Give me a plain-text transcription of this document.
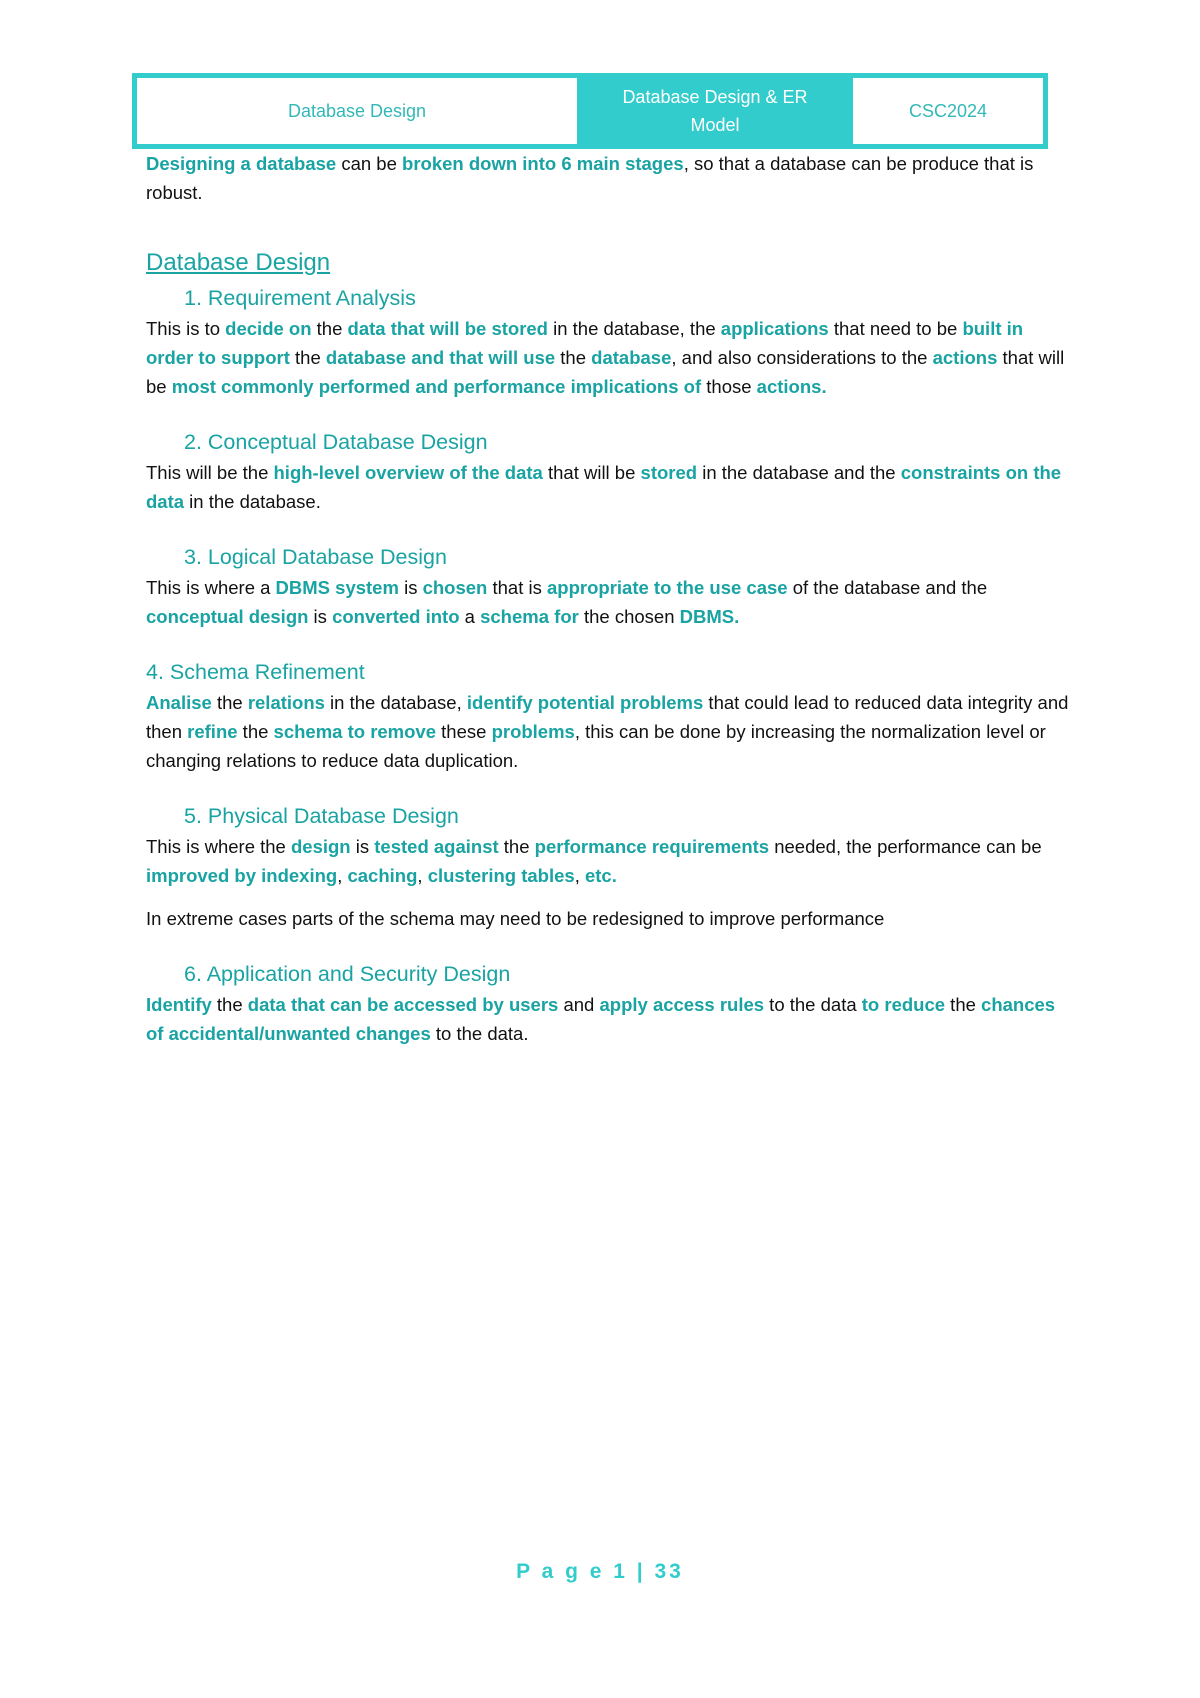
Database Design
Database Design & ER Model
CSC2024

Designing a database can be broken down into 6 main stages, so that a database can be produce that is robust.

Database Design
1. Requirement Analysis

This is to decide on the data that will be stored in the database, the applications that need to be built in order to support the database and that will use the database, and also considerations to the actions that will be most commonly performed and performance implications of those actions.

2. Conceptual Database Design

This will be the high-level overview of the data that will be stored in the database and the constraints on the data in the database.

3. Logical Database Design

This is where a DBMS system is chosen that is appropriate to the use case of the database and the conceptual design is converted into a schema for the chosen DBMS.

4. Schema Refinement

Analise the relations in the database, identify potential problems that could lead to reduced data integrity and then refine the schema to remove these problems, this can be done by increasing the normalization level or changing relations to reduce data duplication.

5. Physical Database Design

This is where the design is tested against the performance requirements needed, the performance can be improved by indexing, caching, clustering tables, etc.

In extreme cases parts of the schema may need to be redesigned to improve performance

6. Application and Security Design

Identify the data that can be accessed by users and apply access rules to the data to reduce the chances of accidental/unwanted changes to the data.

P a g e 1 | 33
